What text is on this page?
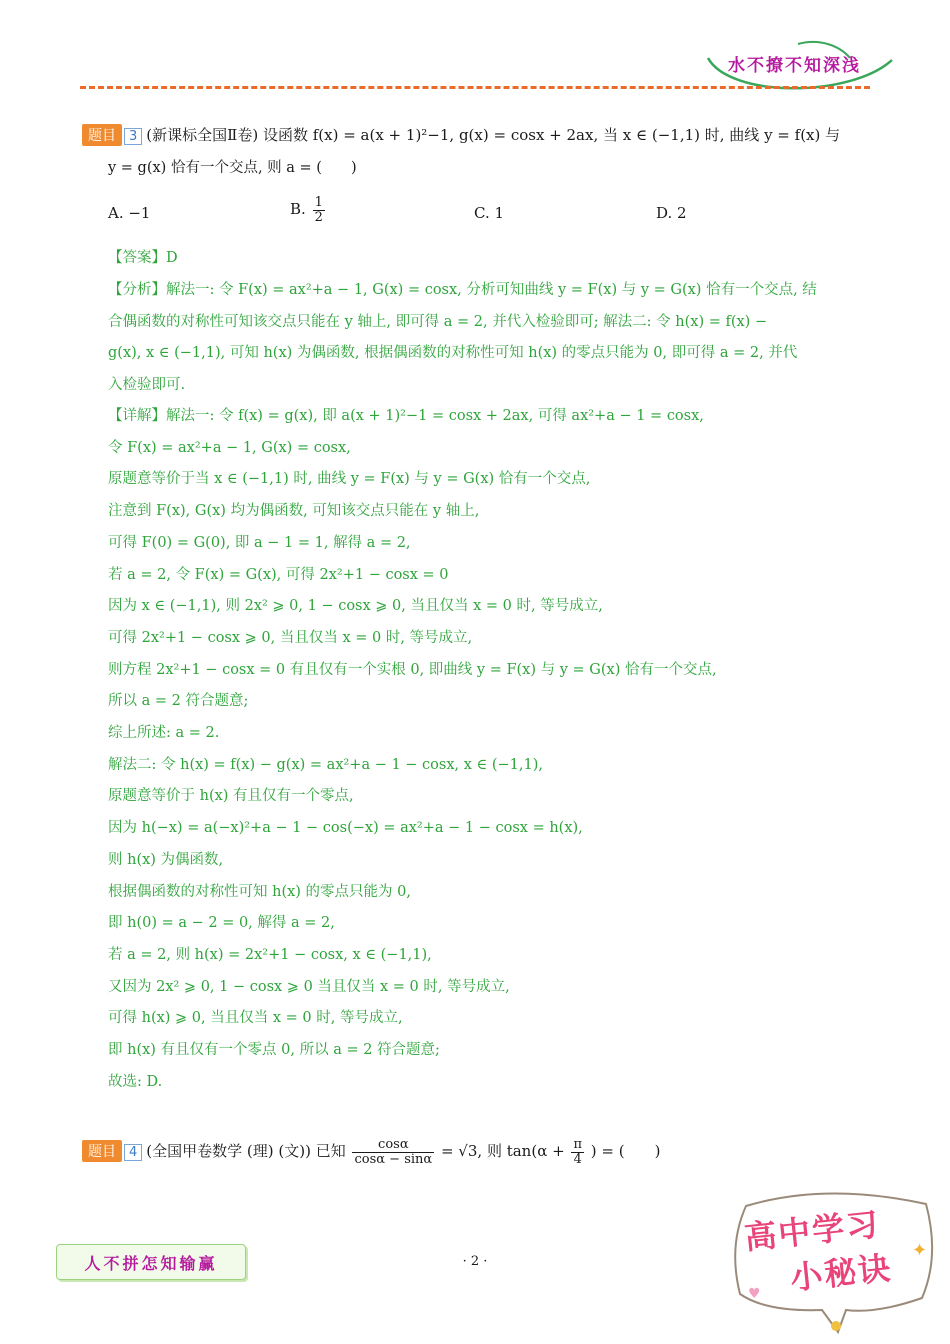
水不撩不知深浅
题目 3 (新课标全国Ⅱ卷) 设函数 f(x) = a(x + 1)²−1, g(x) = cosx + 2ax, 当 x ∈ (−1,1) 时, 曲线 y = f(x) 与
y = g(x) 恰有一个交点, 则 a = (　　)
A. −1	B. $\frac{1}{2}$	C. 1	D. 2
【答案】D
【分析】解法一: 令 F(x) = ax²+a − 1, G(x) = cosx, 分析可知曲线 y = F(x) 与 y = G(x) 恰有一个交点, 结
合偶函数的对称性可知该交点只能在 y 轴上, 即可得 a = 2, 并代入检验即可; 解法二: 令 h(x) = f(x) −
g(x), x ∈ (−1,1), 可知 h(x) 为偶函数, 根据偶函数的对称性可知 h(x) 的零点只能为 0, 即可得 a = 2, 并代
入检验即可.
【详解】解法一: 令 f(x) = g(x), 即 a(x + 1)²−1 = cosx + 2ax, 可得 ax²+a − 1 = cosx,
令 F(x) = ax²+a − 1, G(x) = cosx,
原题意等价于当 x ∈ (−1,1) 时, 曲线 y = F(x) 与 y = G(x) 恰有一个交点,
注意到 F(x), G(x) 均为偶函数, 可知该交点只能在 y 轴上,
可得 F(0) = G(0), 即 a − 1 = 1, 解得 a = 2,
若 a = 2, 令 F(x) = G(x), 可得 2x²+1 − cosx = 0
因为 x ∈ (−1,1), 则 2x² ⩾ 0, 1 − cosx ⩾ 0, 当且仅当 x = 0 时, 等号成立,
可得 2x²+1 − cosx ⩾ 0, 当且仅当 x = 0 时, 等号成立,
则方程 2x²+1 − cosx = 0 有且仅有一个实根 0, 即曲线 y = F(x) 与 y = G(x) 恰有一个交点,
所以 a = 2 符合题意;
综上所述: a = 2.
解法二: 令 h(x) = f(x) − g(x) = ax²+a − 1 − cosx, x ∈ (−1,1),
原题意等价于 h(x) 有且仅有一个零点,
因为 h(−x) = a(−x)²+a − 1 − cos(−x) = ax²+a − 1 − cosx = h(x),
则 h(x) 为偶函数,
根据偶函数的对称性可知 h(x) 的零点只能为 0,
即 h(0) = a − 2 = 0, 解得 a = 2,
若 a = 2, 则 h(x) = 2x²+1 − cosx, x ∈ (−1,1),
又因为 2x² ⩾ 0, 1 − cosx ⩾ 0 当且仅当 x = 0 时, 等号成立,
可得 h(x) ⩾ 0, 当且仅当 x = 0 时, 等号成立,
即 h(x) 有且仅有一个零点 0, 所以 a = 2 符合题意;
故选: D.
题目 4 (全国甲卷数学 (理) (文)) 已知 $\frac{\cos\alpha}{\cos\alpha - \sin\alpha} = √3$, 则 $\tan(\alpha + \frac{\pi}{4}$ ) = (　　)
人不拼怎知输赢	· 2 ·
✦
♥
高中学习
小秘诀
